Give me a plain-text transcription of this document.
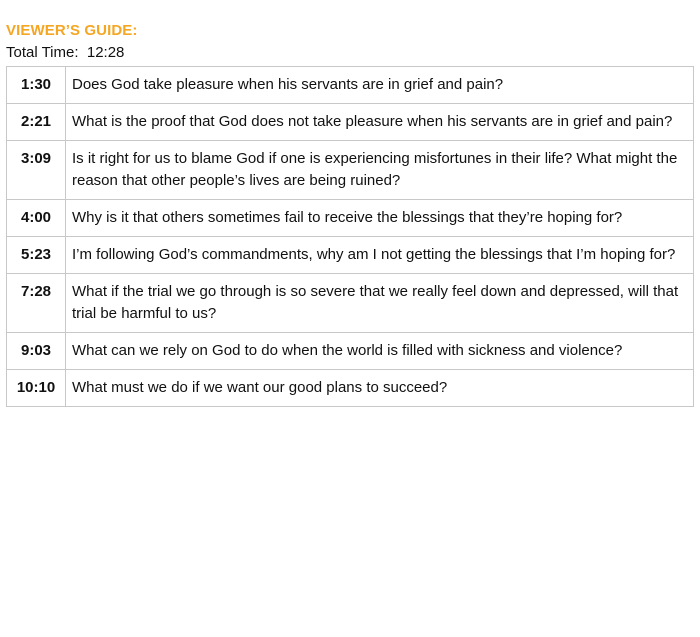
VIEWER’S GUIDE:
Total Time:  12:28
1:30	Does God take pleasure when his servants are in grief and pain?
2:21	What is the proof that God does not take pleasure when his servants are in grief and pain?
3:09	Is it right for us to blame God if one is experiencing misfortunes in their life? What might the reason that other people’s lives are being ruined?
4:00	Why is it that others sometimes fail to receive the blessings that they’re hoping for?
5:23	I’m following God’s commandments, why am I not getting the blessings that I’m hoping for?
7:28	What if the trial we go through is so severe that we really feel down and depressed, will that trial be harmful to us?
9:03	What can we rely on God to do when the world is filled with sickness and violence?
10:10	What must we do if we want our good plans to succeed?
